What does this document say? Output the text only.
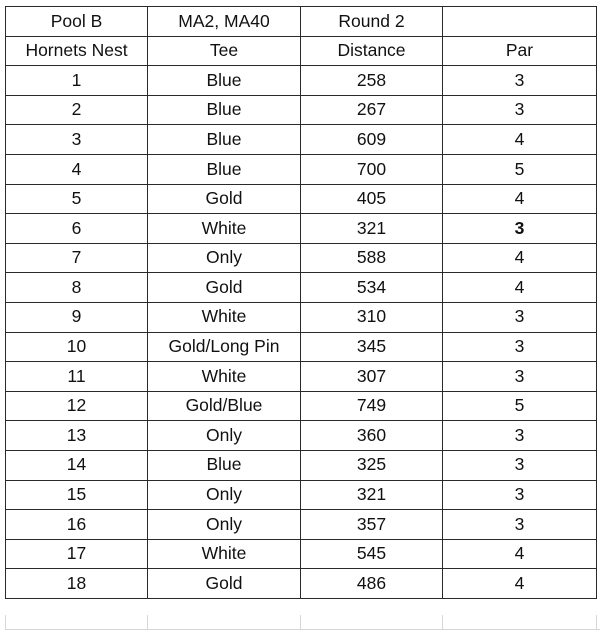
Pool B	MA2, MA40	Round 2	
Hornets Nest	Tee	Distance	Par
1	Blue	258	3
2	Blue	267	3
3	Blue	609	4
4	Blue	700	5
5	Gold	405	4
6	White	321	3
7	Only	588	4
8	Gold	534	4
9	White	310	3
10	Gold/Long Pin	345	3
11	White	307	3
12	Gold/Blue	749	5
13	Only	360	3
14	Blue	325	3
15	Only	321	3
16	Only	357	3
17	White	545	4
18	Gold	486	4
